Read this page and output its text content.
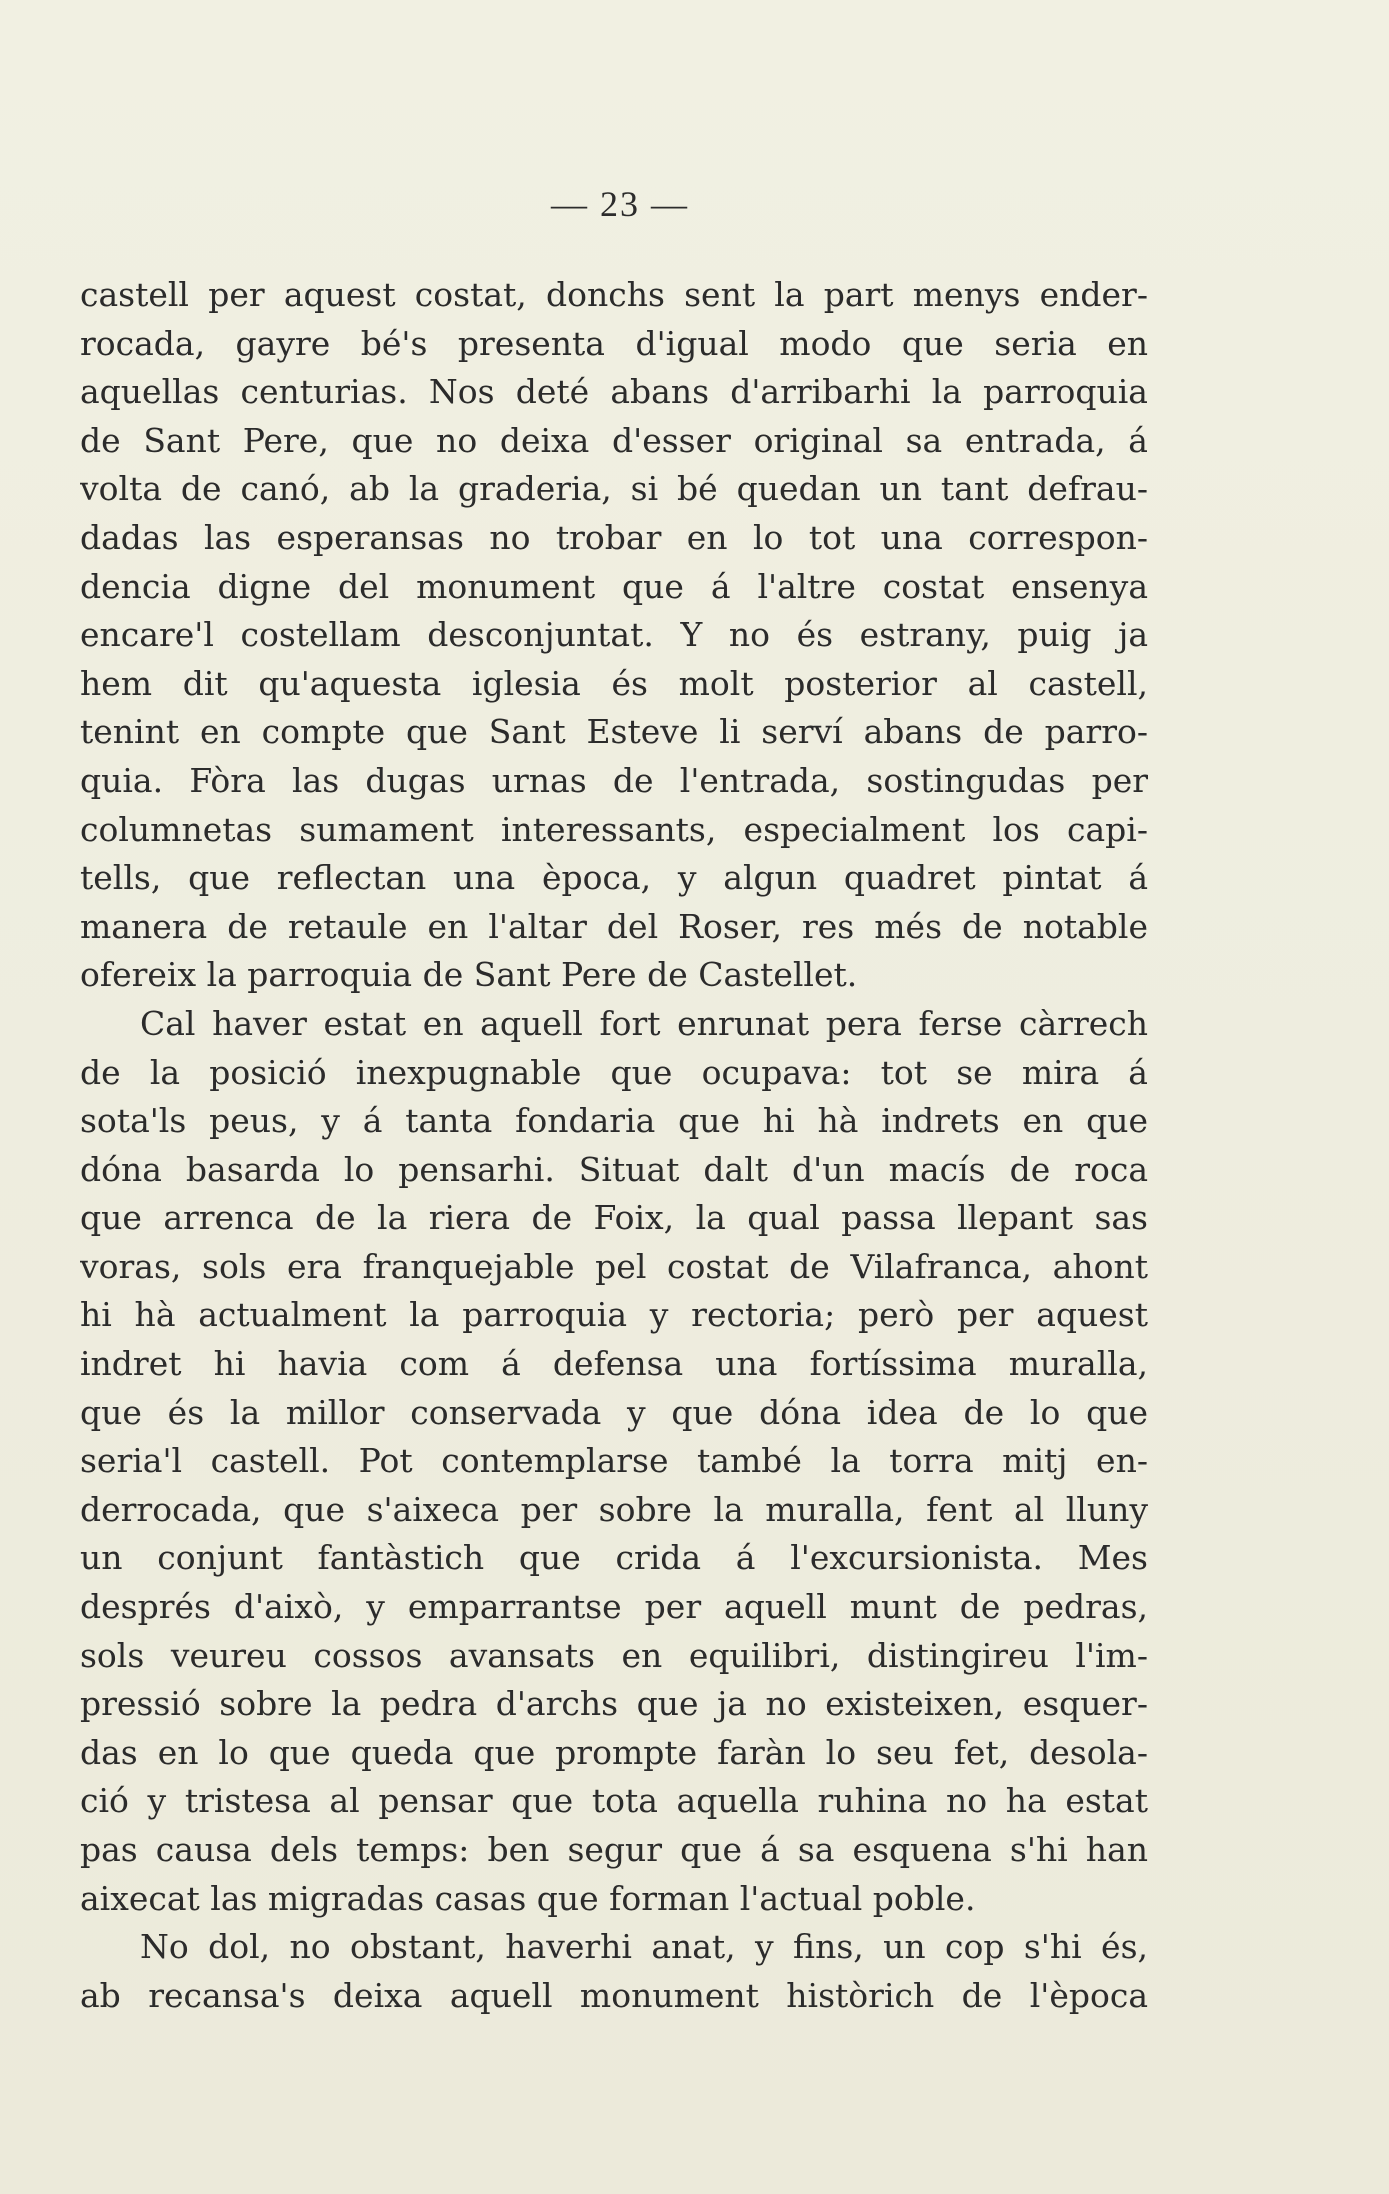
— 23 —
castell per aquest costat, donchs sent la part menys ender-
rocada, gayre bé's presenta d'igual modo que seria en
aquellas centurias. Nos deté abans d'arribarhi la parroquia
de Sant Pere, que no deixa d'esser original sa entrada, á
volta de canó, ab la graderia, si bé quedan un tant defrau-
dadas las esperansas no trobar en lo tot una correspon-
dencia digne del monument que á l'altre costat ensenya
encare'l costellam desconjuntat. Y no és estrany, puig ja
hem dit qu'aquesta iglesia és molt posterior al castell,
tenint en compte que Sant Esteve li serví abans de parro-
quia. Fòra las dugas urnas de l'entrada, sostingudas per
columnetas sumament interessants, especialment los capi-
tells, que reflectan una època, y algun quadret pintat á
manera de retaule en l'altar del Roser, res més de notable
ofereix la parroquia de Sant Pere de Castellet.
Cal haver estat en aquell fort enrunat pera ferse càrrech
de la posició inexpugnable que ocupava: tot se mira á
sota'ls peus, y á tanta fondaria que hi hà indrets en que
dóna basarda lo pensarhi. Situat dalt d'un macís de roca
que arrenca de la riera de Foix, la qual passa llepant sas
voras, sols era franquejable pel costat de Vilafranca, ahont
hi hà actualment la parroquia y rectoria; però per aquest
indret hi havia com á defensa una fortíssima muralla,
que és la millor conservada y que dóna idea de lo que
seria'l castell. Pot contemplarse també la torra mitj en-
derrocada, que s'aixeca per sobre la muralla, fent al lluny
un conjunt fantàstich que crida á l'excursionista. Mes
després d'això, y emparrantse per aquell munt de pedras,
sols veureu cossos avansats en equilibri, distingireu l'im-
pressió sobre la pedra d'archs que ja no existeixen, esquer-
das en lo que queda que prompte faràn lo seu fet, desola-
ció y tristesa al pensar que tota aquella ruhina no ha estat
pas causa dels temps: ben segur que á sa esquena s'hi han
aixecat las migradas casas que forman l'actual poble.
No dol, no obstant, haverhi anat, y fins, un cop s'hi és,
ab recansa's deixa aquell monument històrich de l'època
